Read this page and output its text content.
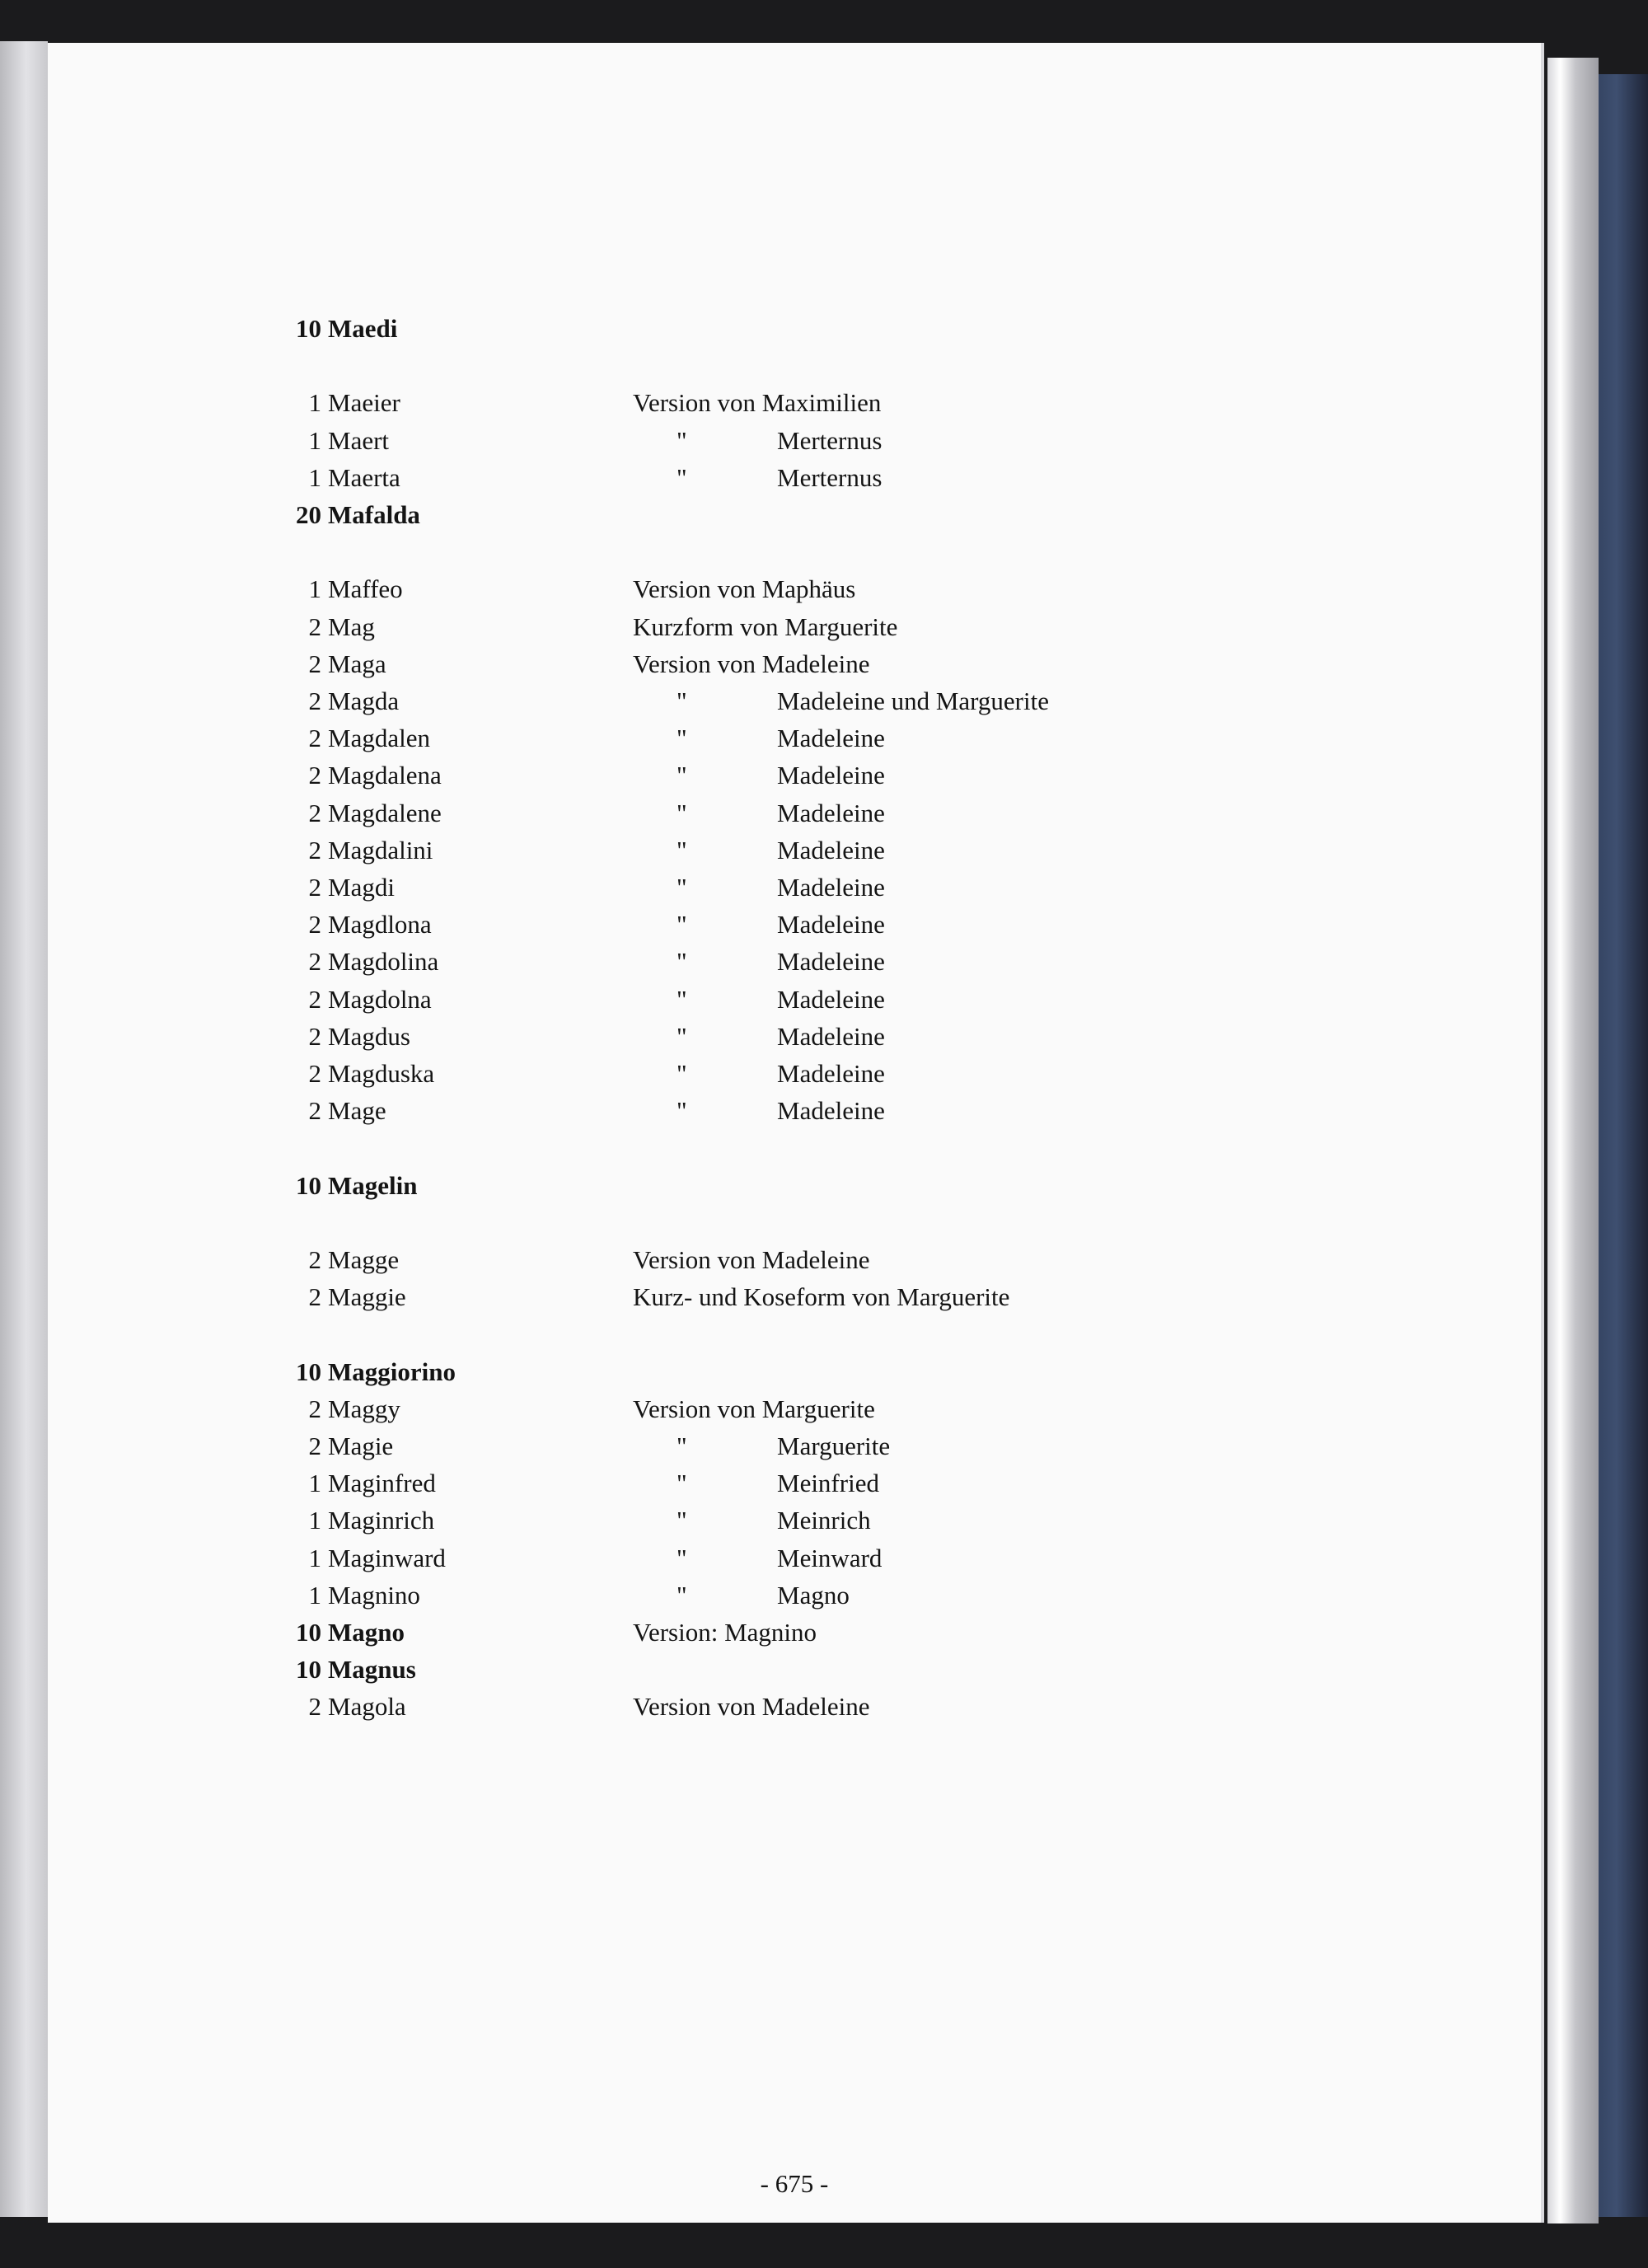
10 Maedi
1 Maeier	Version von Maximilien
1 Maert	"	Merternus
1 Maerta	"	Merternus
20 Mafalda
1 Maffeo	Version von Maphäus
2 Mag	Kurzform von Marguerite
2 Maga	Version von Madeleine
2 Magda	"	Madeleine und Marguerite
2 Magdalen	"	Madeleine
2 Magdalena	"	Madeleine
2 Magdalene	"	Madeleine
2 Magdalini	"	Madeleine
2 Magdi	"	Madeleine
2 Magdlona	"	Madeleine
2 Magdolina	"	Madeleine
2 Magdolna	"	Madeleine
2 Magdus	"	Madeleine
2 Magduska	"	Madeleine
2 Mage	"	Madeleine
10 Magelin
2 Magge	Version von Madeleine
2 Maggie	Kurz- und Koseform von Marguerite
10 Maggiorino
2 Maggy	Version von Marguerite
2 Magie	"	Marguerite
1 Maginfred	"	Meinfried
1 Maginrich	"	Meinrich
1 Maginward	"	Meinward
1 Magnino	"	Magno
10 Magno	Version: Magnino
10 Magnus
2 Magola	Version von Madeleine
- 675 -
